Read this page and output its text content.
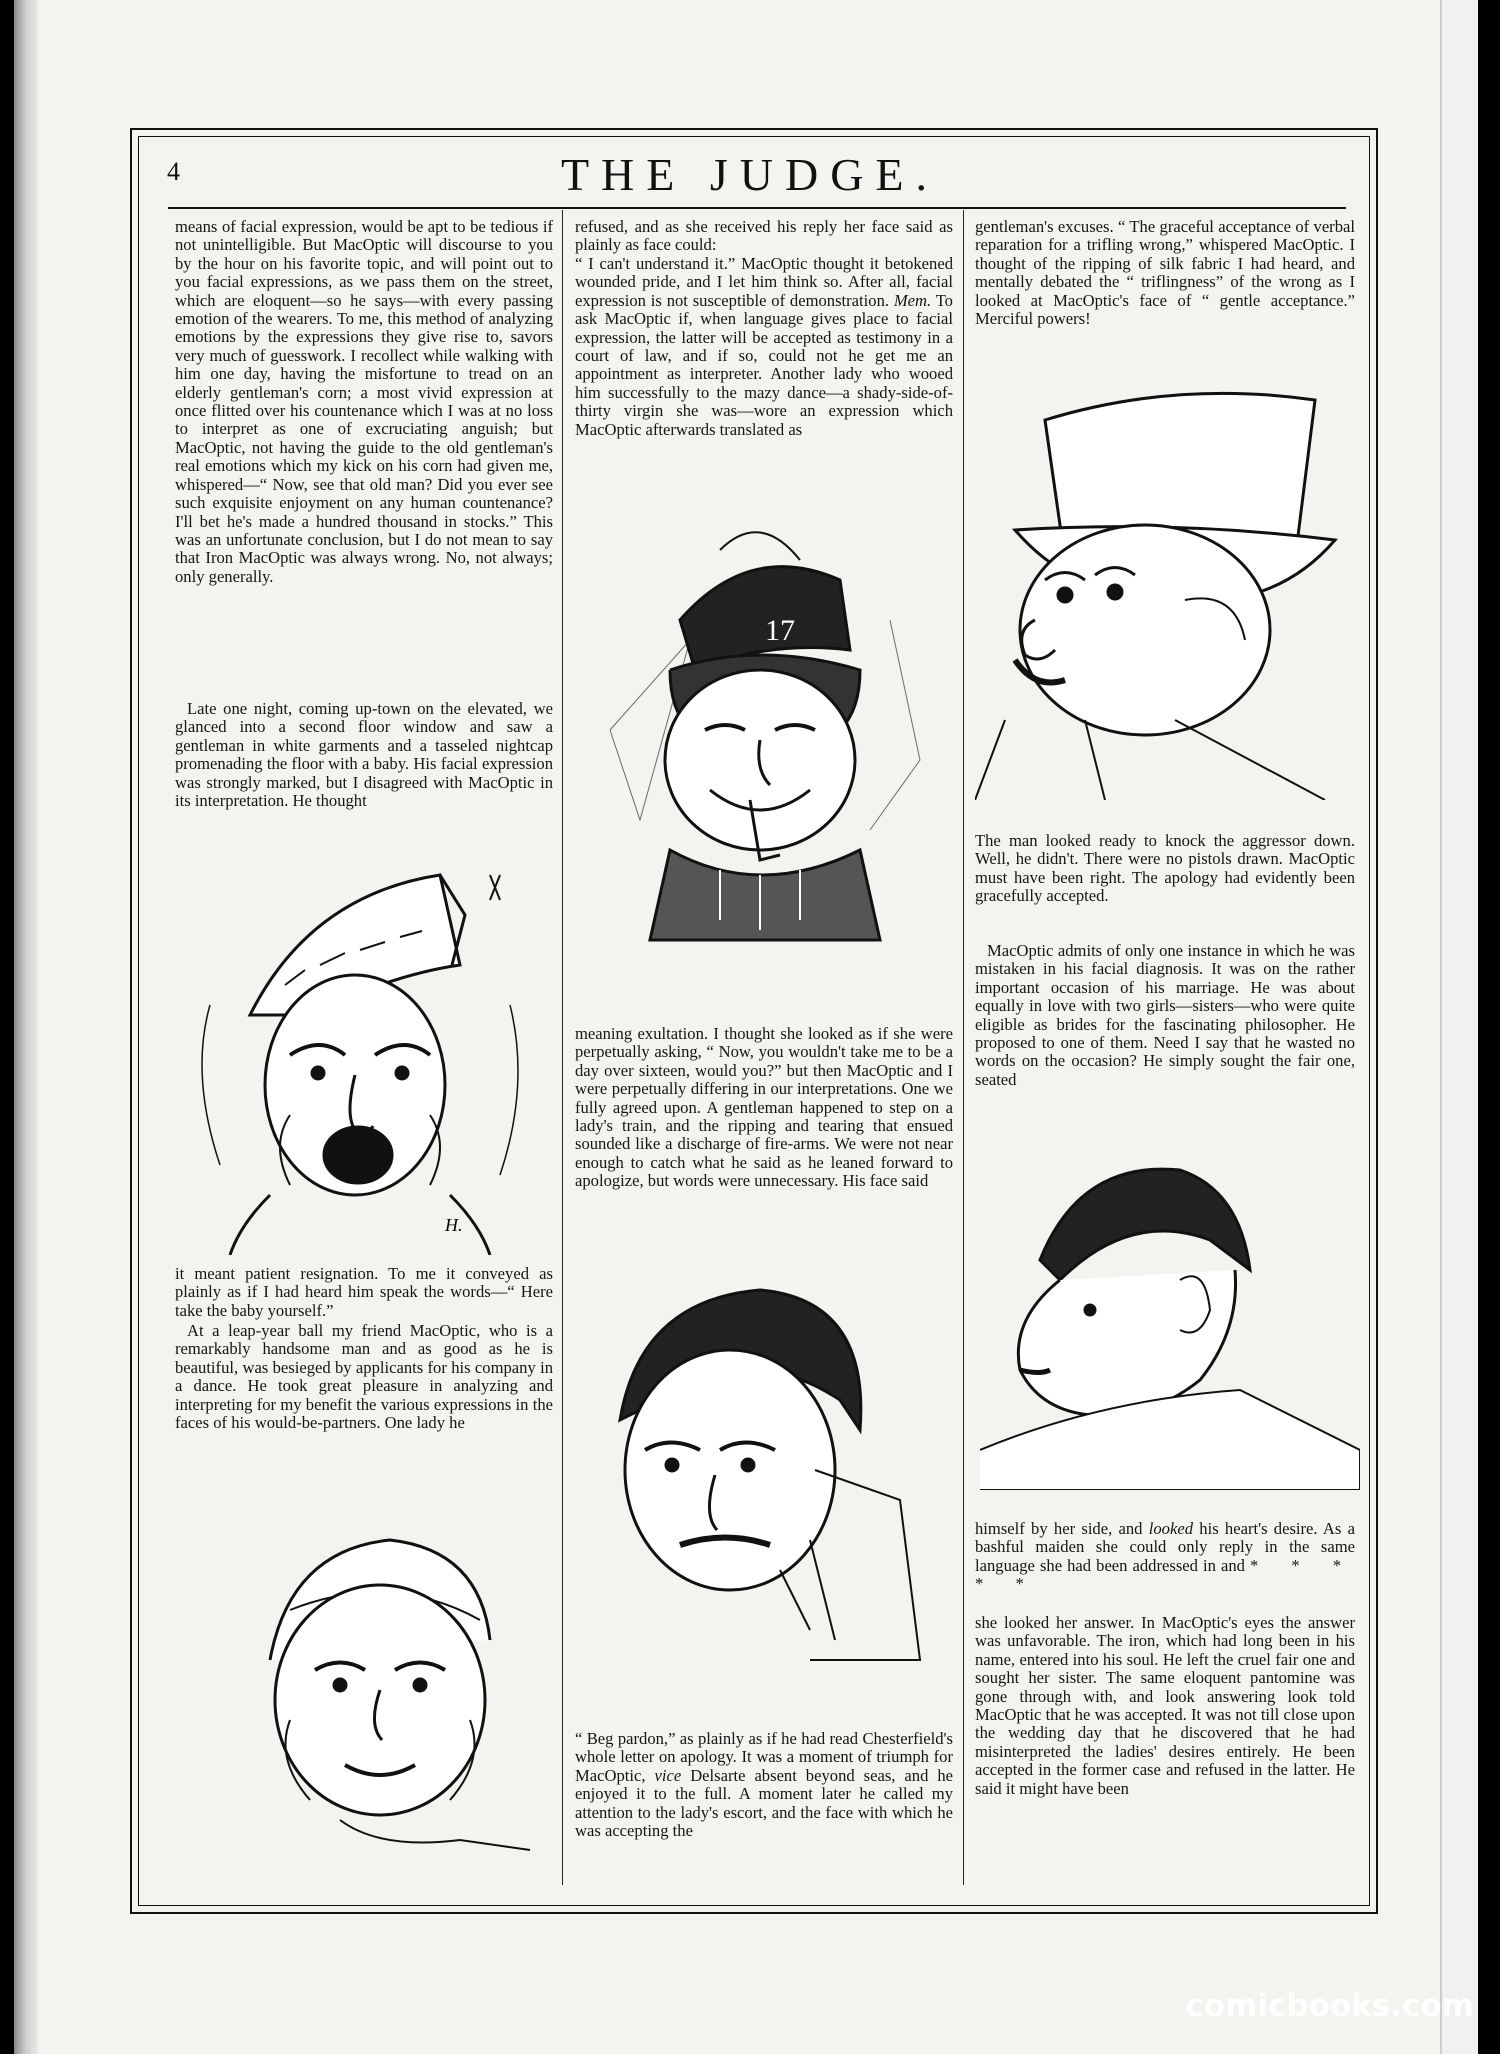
4	THE JUDGE.

means of facial expression, would be apt to be tedious if not unintelligible. But MacOptic will discourse to you by the hour on his favorite topic, and will point out to you facial expressions, as we pass them on the street, which are eloquent—so he says—with every passing emotion of the wearers. To me, this method of analyzing emotions by the expressions they give rise to, savors very much of guesswork. I recollect while walking with him one day, having the misfortune to tread on an elderly gentleman's corn; a most vivid expression at once flitted over his countenance which I was at no loss to interpret as one of excruciating anguish; but MacOptic, not having the guide to the old gentleman's real emotions which my kick on his corn had given me, whispered—“ Now, see that old man? Did you ever see such exquisite enjoyment on any human countenance? I'll bet he's made a hundred thousand in stocks.” This was an unfortunate conclusion, but I do not mean to say that Iron MacOptic was always wrong. No, not always; only generally.

Late one night, coming up-town on the elevated, we glanced into a second floor window and saw a gentleman in white garments and a tasseled nightcap promenading the floor with a baby. His facial expression was strongly marked, but I disagreed with MacOptic in its interpretation. He thought

H.

it meant patient resignation. To me it conveyed as plainly as if I had heard him speak the words—“ Here take the baby yourself.”

At a leap-year ball my friend MacOptic, who is a remarkably handsome man and as good as he is beautiful, was besieged by applicants for his company in a dance. He took great pleasure in analyzing and interpreting for my benefit the various expressions in the faces of his would-be-partners. One lady he

refused, and as she received his reply her face said as plainly as face could:

“ I can't understand it.” MacOptic thought it betokened wounded pride, and I let him think so. After all, facial expression is not susceptible of demonstration. Mem. To ask MacOptic if, when language gives place to facial expression, the latter will be accepted as testimony in a court of law, and if so, could not he get me an appointment as interpreter. Another lady who wooed him successfully to the mazy dance—a shady-side-of-thirty virgin she was—wore an expression which MacOptic afterwards translated as

17

meaning exultation. I thought she looked as if she were perpetually asking, “ Now, you wouldn't take me to be a day over sixteen, would you?” but then MacOptic and I were perpetually differing in our interpretations. One we fully agreed upon. A gentleman happened to step on a lady's train, and the ripping and tearing that ensued sounded like a discharge of fire-arms. We were not near enough to catch what he said as he leaned forward to apologize, but words were unnecessary. His face said

“ Beg pardon,” as plainly as if he had read Chesterfield's whole letter on apology. It was a moment of triumph for MacOptic, vice Delsarte absent beyond seas, and he enjoyed it to the full. A moment later he called my attention to the lady's escort, and the face with which he was accepting the

gentleman's excuses. “ The graceful acceptance of verbal reparation for a trifling wrong,” whispered MacOptic. I thought of the ripping of silk fabric I had heard, and mentally debated the “ triflingness” of the wrong as I looked at MacOptic's face of “ gentle acceptance.” Merciful powers!

The man looked ready to knock the aggressor down. Well, he didn't. There were no pistols drawn. MacOptic must have been right. The apology had evidently been gracefully accepted.

MacOptic admits of only one instance in which he was mistaken in his facial diagnosis. It was on the rather important occasion of his marriage. He was about equally in love with two girls—sisters—who were quite eligible as brides for the fascinating philosopher. He proposed to one of them. Need I say that he wasted no words on the occasion? He simply sought the fair one, seated

himself by her side, and looked his heart's desire. As a bashful maiden she could only reply in the same language she had been addressed in and * * * * *

she looked her answer. In MacOptic's eyes the answer was unfavorable. The iron, which had long been in his name, entered into his soul. He left the cruel fair one and sought her sister. The same eloquent pantomine was gone through with, and look answering look told MacOptic that he was accepted. It was not till close upon the wedding day that he discovered that he had misinterpreted the ladies' desires entirely. He been accepted in the former case and refused in the latter. He said it might have been

comicbooks.com
